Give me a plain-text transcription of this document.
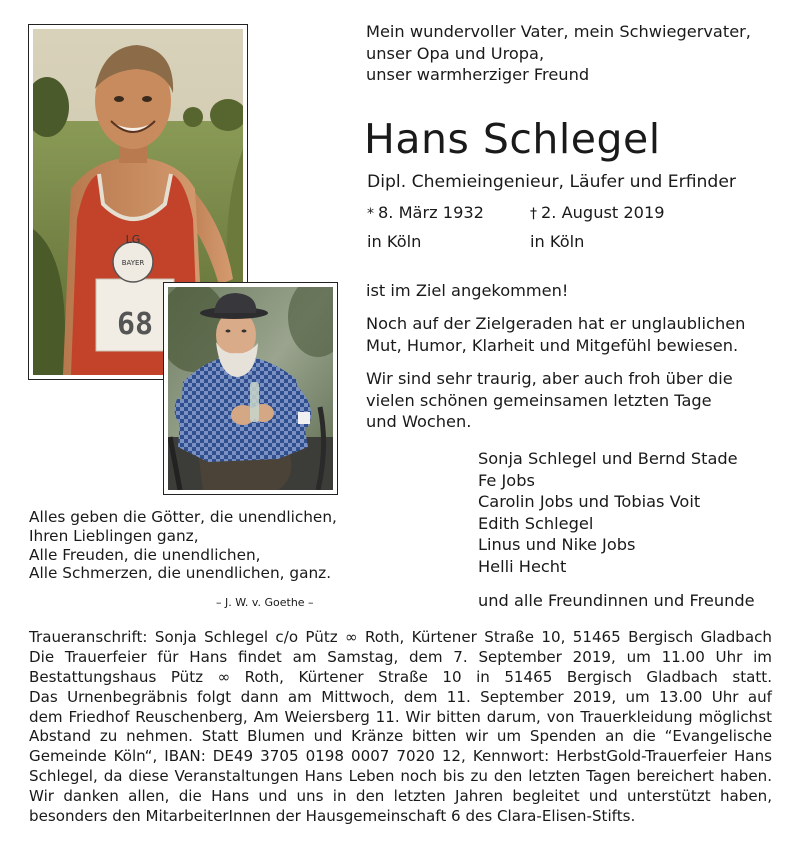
LG
BAYER
68
Mein wundervoller Vater, mein Schwiegervater,
unser Opa und Uropa,
unser warmherziger Freund
Hans Schlegel
Dipl. Chemieingenieur, Läufer und Erfinder
* 8. März 1932
in Köln
† 2. August 2019
in Köln
ist im Ziel angekommen!
Noch auf der Zielgeraden hat er unglaublichen
Mut, Humor, Klarheit und Mitgefühl bewiesen.
Wir sind sehr traurig, aber auch froh über die
vielen schönen gemeinsamen letzten Tage
und Wochen.
Sonja Schlegel und Bernd Stade
Fe Jobs
Carolin Jobs und Tobias Voit
Edith Schlegel
Linus und Nike Jobs
Helli Hecht
und alle Freundinnen und Freunde
Alles geben die Götter, die unendlichen,
Ihren Lieblingen ganz,
Alle Freuden, die unendlichen,
Alle Schmerzen, die unendlichen, ganz.
– J. W. v. Goethe –
Traueranschrift: Sonja Schlegel c/o Pütz ∞ Roth, Kürtener Straße 10, 51465 Bergisch Gladbach
Die Trauerfeier für Hans findet am Samstag, dem 7. September 2019, um 11.00 Uhr im
Bestattungshaus Pütz ∞ Roth, Kürtener Straße 10 in 51465 Bergisch Gladbach statt.
Das Urnenbegräbnis folgt dann am Mittwoch, dem 11. September 2019, um 13.00 Uhr auf
dem Friedhof Reuschenberg, Am Weiersberg 11. Wir bitten darum, von Trauerkleidung möglichst
Abstand zu nehmen. Statt Blumen und Kränze bitten wir um Spenden an die “Evangelische
Gemeinde Köln“, IBAN: DE49 3705 0198 0007 7020 12, Kennwort: HerbstGold-Trauerfeier Hans
Schlegel, da diese Veranstaltungen Hans Leben noch bis zu den letzten Tagen bereichert haben.
Wir danken allen, die Hans und uns in den letzten Jahren begleitet und unterstützt haben,
besonders den MitarbeiterInnen der Hausgemeinschaft 6 des Clara-Elisen-Stifts.
